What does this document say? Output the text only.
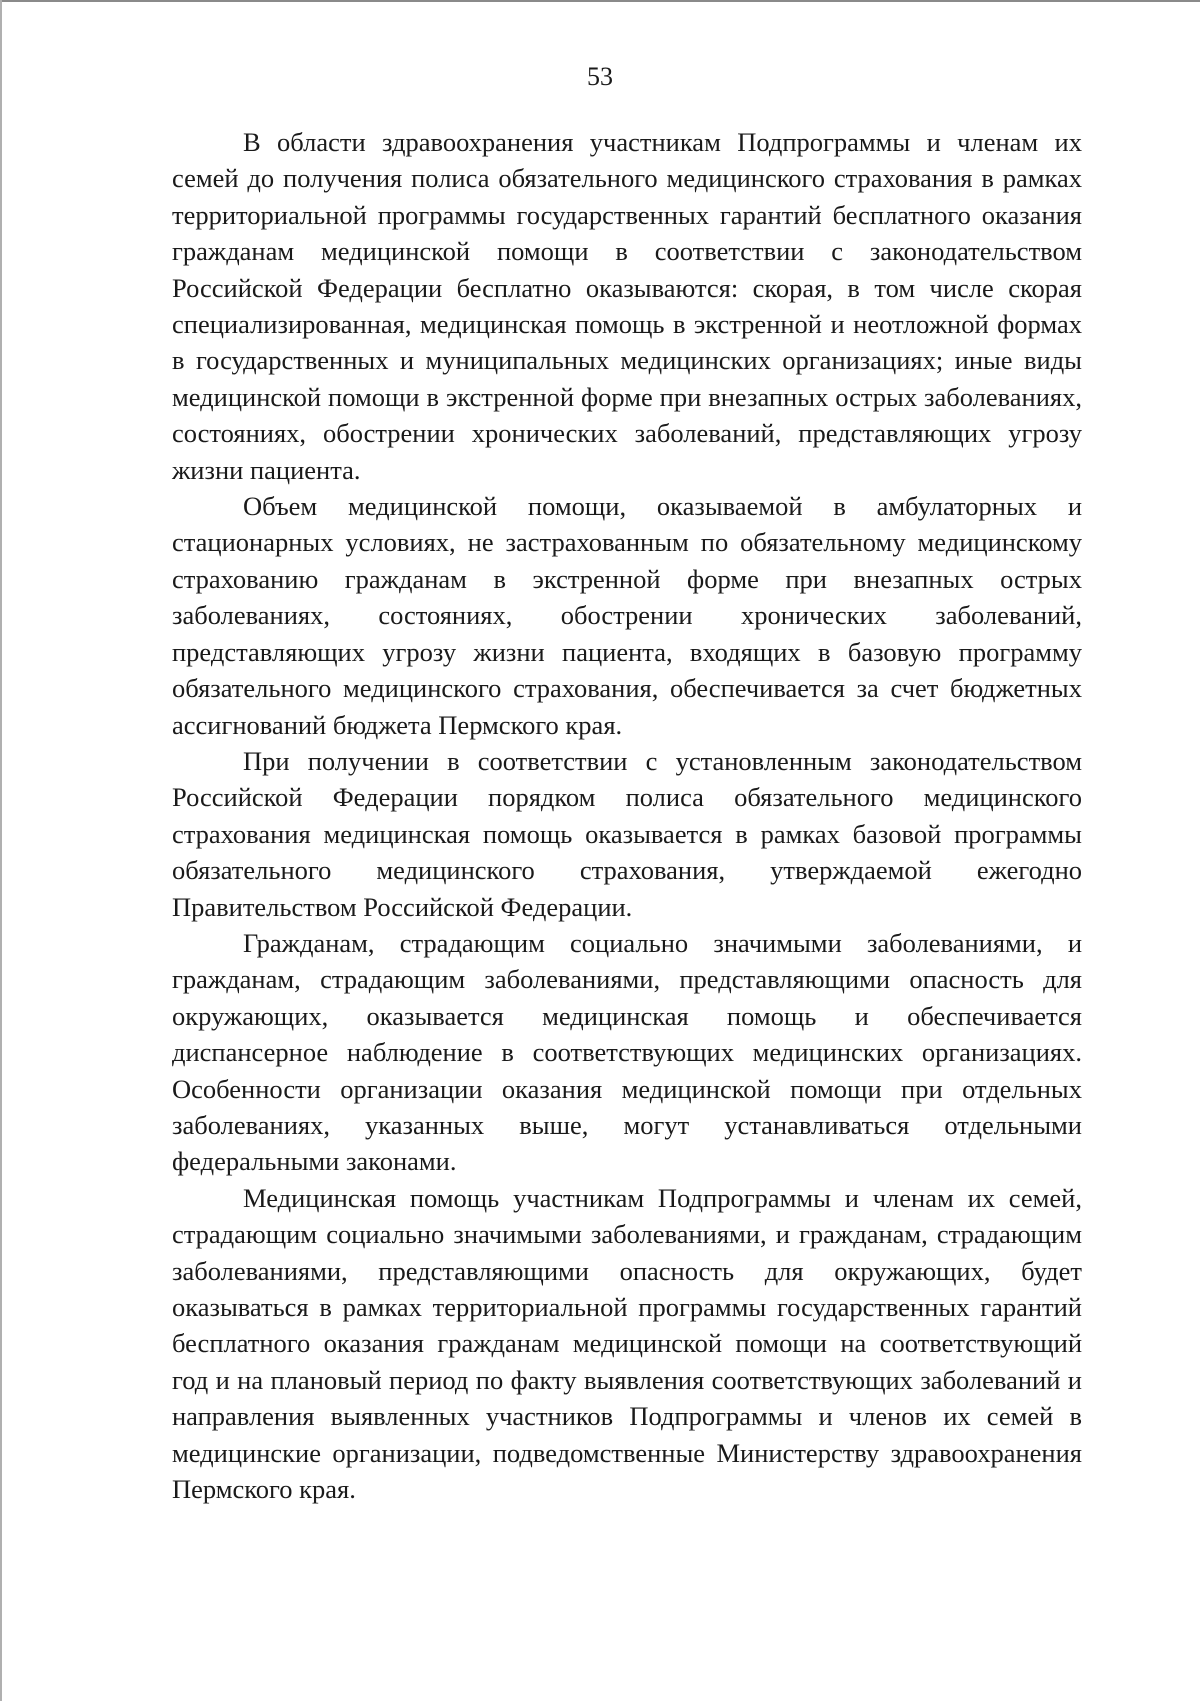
53

В области здравоохранения участникам Подпрограммы и членам их семей до получения полиса обязательного медицинского страхования в рамках территориальной программы государственных гарантий бесплатного оказания гражданам медицинской помощи в соответствии с законодательством Российской Федерации бесплатно оказываются: скорая, в том числе скорая специализированная, медицинская помощь в экстренной и неотложной формах в государственных и муниципальных медицинских организациях; иные виды медицинской помощи в экстренной форме при внезапных острых заболеваниях, состояниях, обострении хронических заболеваний, представляющих угрозу жизни пациента.

Объем медицинской помощи, оказываемой в амбулаторных и стационарных условиях, не застрахованным по обязательному медицинскому страхованию гражданам в экстренной форме при внезапных острых заболеваниях, состояниях, обострении хронических заболеваний, представляющих угрозу жизни пациента, входящих в базовую программу обязательного медицинского страхования, обеспечивается за счет бюджетных ассигнований бюджета Пермского края.

При получении в соответствии с установленным законодательством Российской Федерации порядком полиса обязательного медицинского страхования медицинская помощь оказывается в рамках базовой программы обязательного медицинского страхования, утверждаемой ежегодно Правительством Российской Федерации.

Гражданам, страдающим социально значимыми заболеваниями, и гражданам, страдающим заболеваниями, представляющими опасность для окружающих, оказывается медицинская помощь и обеспечивается диспансерное наблюдение в соответствующих медицинских организациях. Особенности организации оказания медицинской помощи при отдельных заболеваниях, указанных выше, могут устанавливаться отдельными федеральными законами.

Медицинская помощь участникам Подпрограммы и членам их семей, страдающим социально значимыми заболеваниями, и гражданам, страдающим заболеваниями, представляющими опасность для окружающих, будет оказываться в рамках территориальной программы государственных гарантий бесплатного оказания гражданам медицинской помощи на соответствующий год и на плановый период по факту выявления соответствующих заболеваний и направления выявленных участников Подпрограммы и членов их семей в медицинские организации, подведомственные Министерству здравоохранения Пермского края.
